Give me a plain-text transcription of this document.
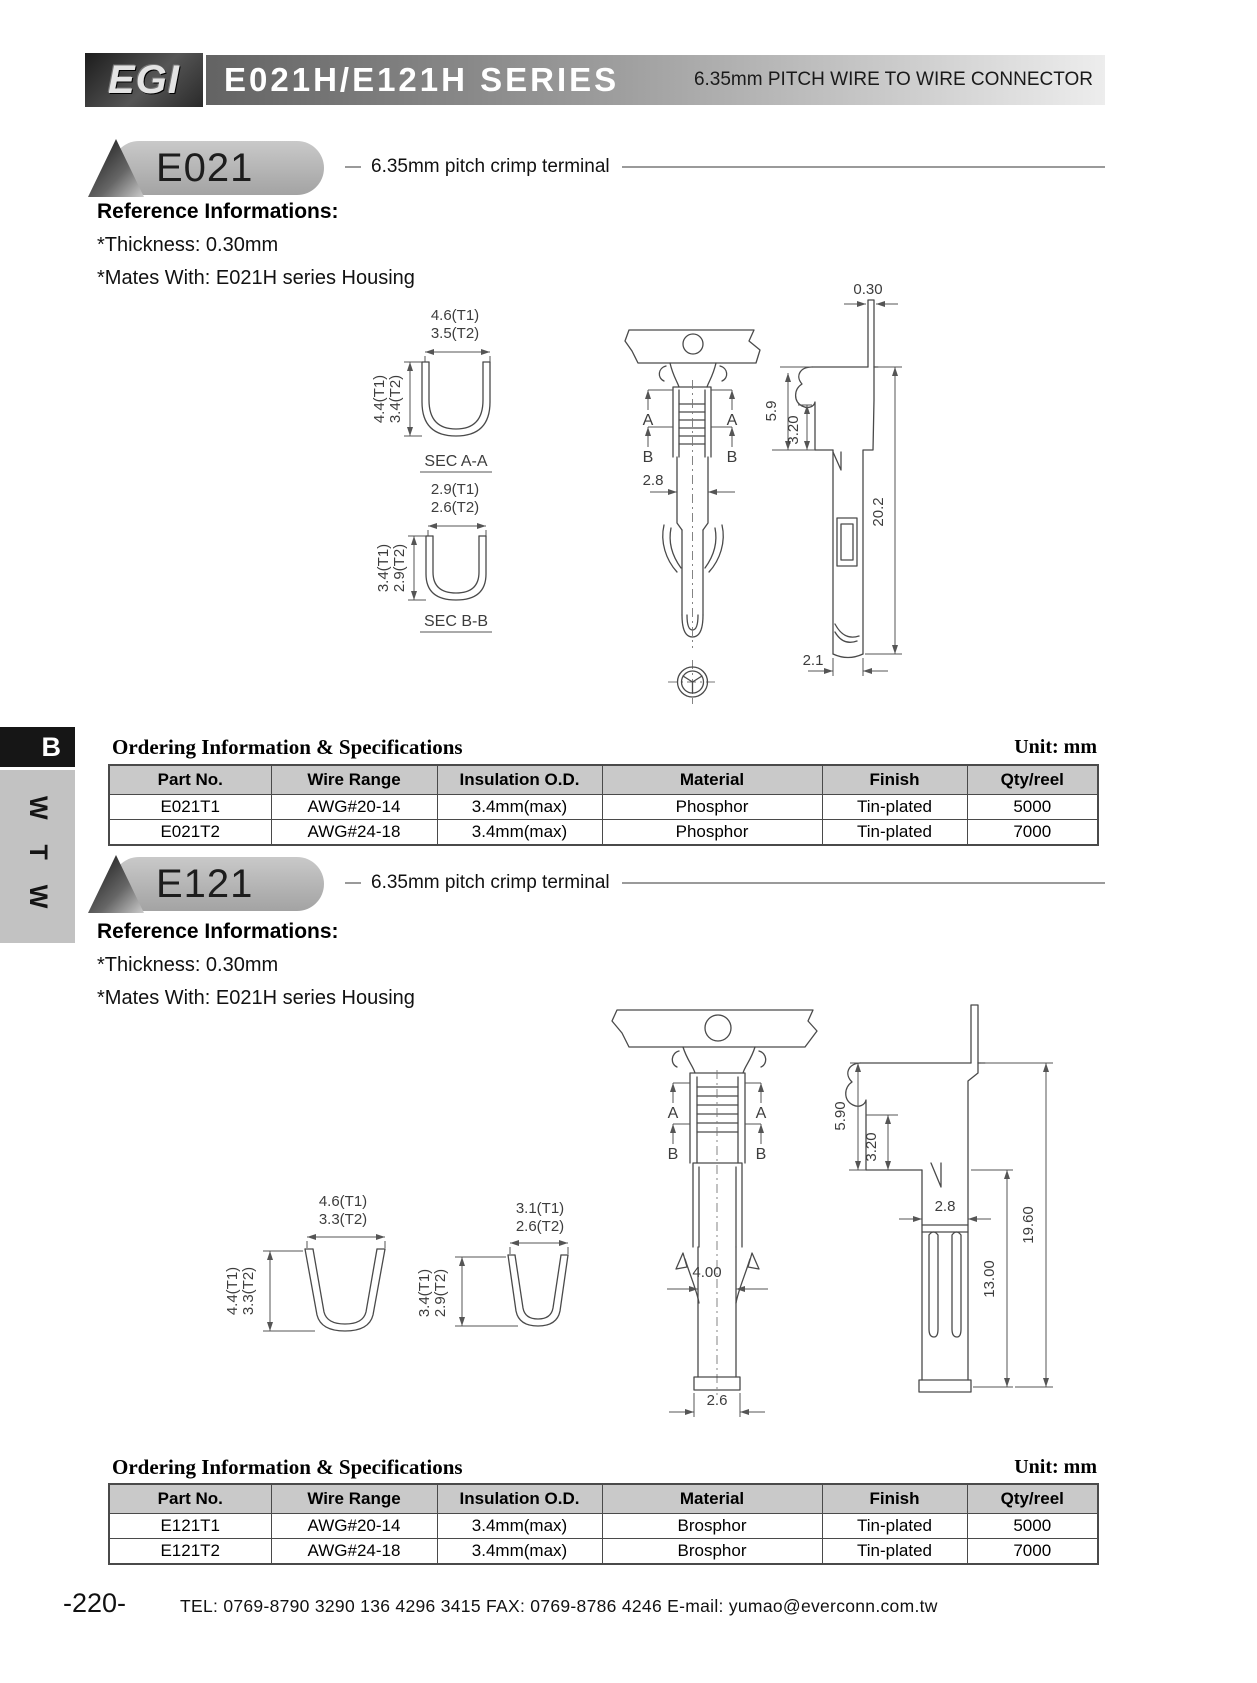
EGI E021H/E121H SERIES	6.35mm PITCH WIRE TO WIRE CONNECTOR
E021	6.35mm pitch crimp terminal
Reference Informations:
*Thickness: 0.30mm
*Mates With: E021H series Housing
4.6(T1)
3.5(T2)
4.4(T1) 3.4(T2)
SEC A-A
2.9(T1)
2.6(T2)
3.4(T1) 2.9(T2)
SEC B-B
A	A
B	B
2.8
0.30
5.9
3.20
20.2
2.1
B
W T W
Ordering Information & Specifications	Unit: mm
Part No.	Wire Range	Insulation O.D.	Material	Finish	Qty/reel
E021T1	AWG#20-14	3.4mm(max)	Phosphor	Tin-plated	5000
E021T2	AWG#24-18	3.4mm(max)	Phosphor	Tin-plated	7000
E121	6.35mm pitch crimp terminal
Reference Informations:
*Thickness: 0.30mm
*Mates With: E021H series Housing
4.6(T1)
3.3(T2)
4.4(T1) 3.3(T2)
3.1(T1)
2.6(T2)
3.4(T1) 2.9(T2)
A	A
B	B
4.00
2.6
2.8
13.00
19.60
5.90
3.20
Ordering Information & Specifications	Unit: mm
Part No.	Wire Range	Insulation O.D.	Material	Finish	Qty/reel
E121T1	AWG#20-14	3.4mm(max)	Brosphor	Tin-plated	5000
E121T2	AWG#24-18	3.4mm(max)	Brosphor	Tin-plated	7000
-220-	TEL: 0769-8790 3290 136 4296 3415 FAX: 0769-8786 4246 E-mail: yumao@everconn.com.tw
